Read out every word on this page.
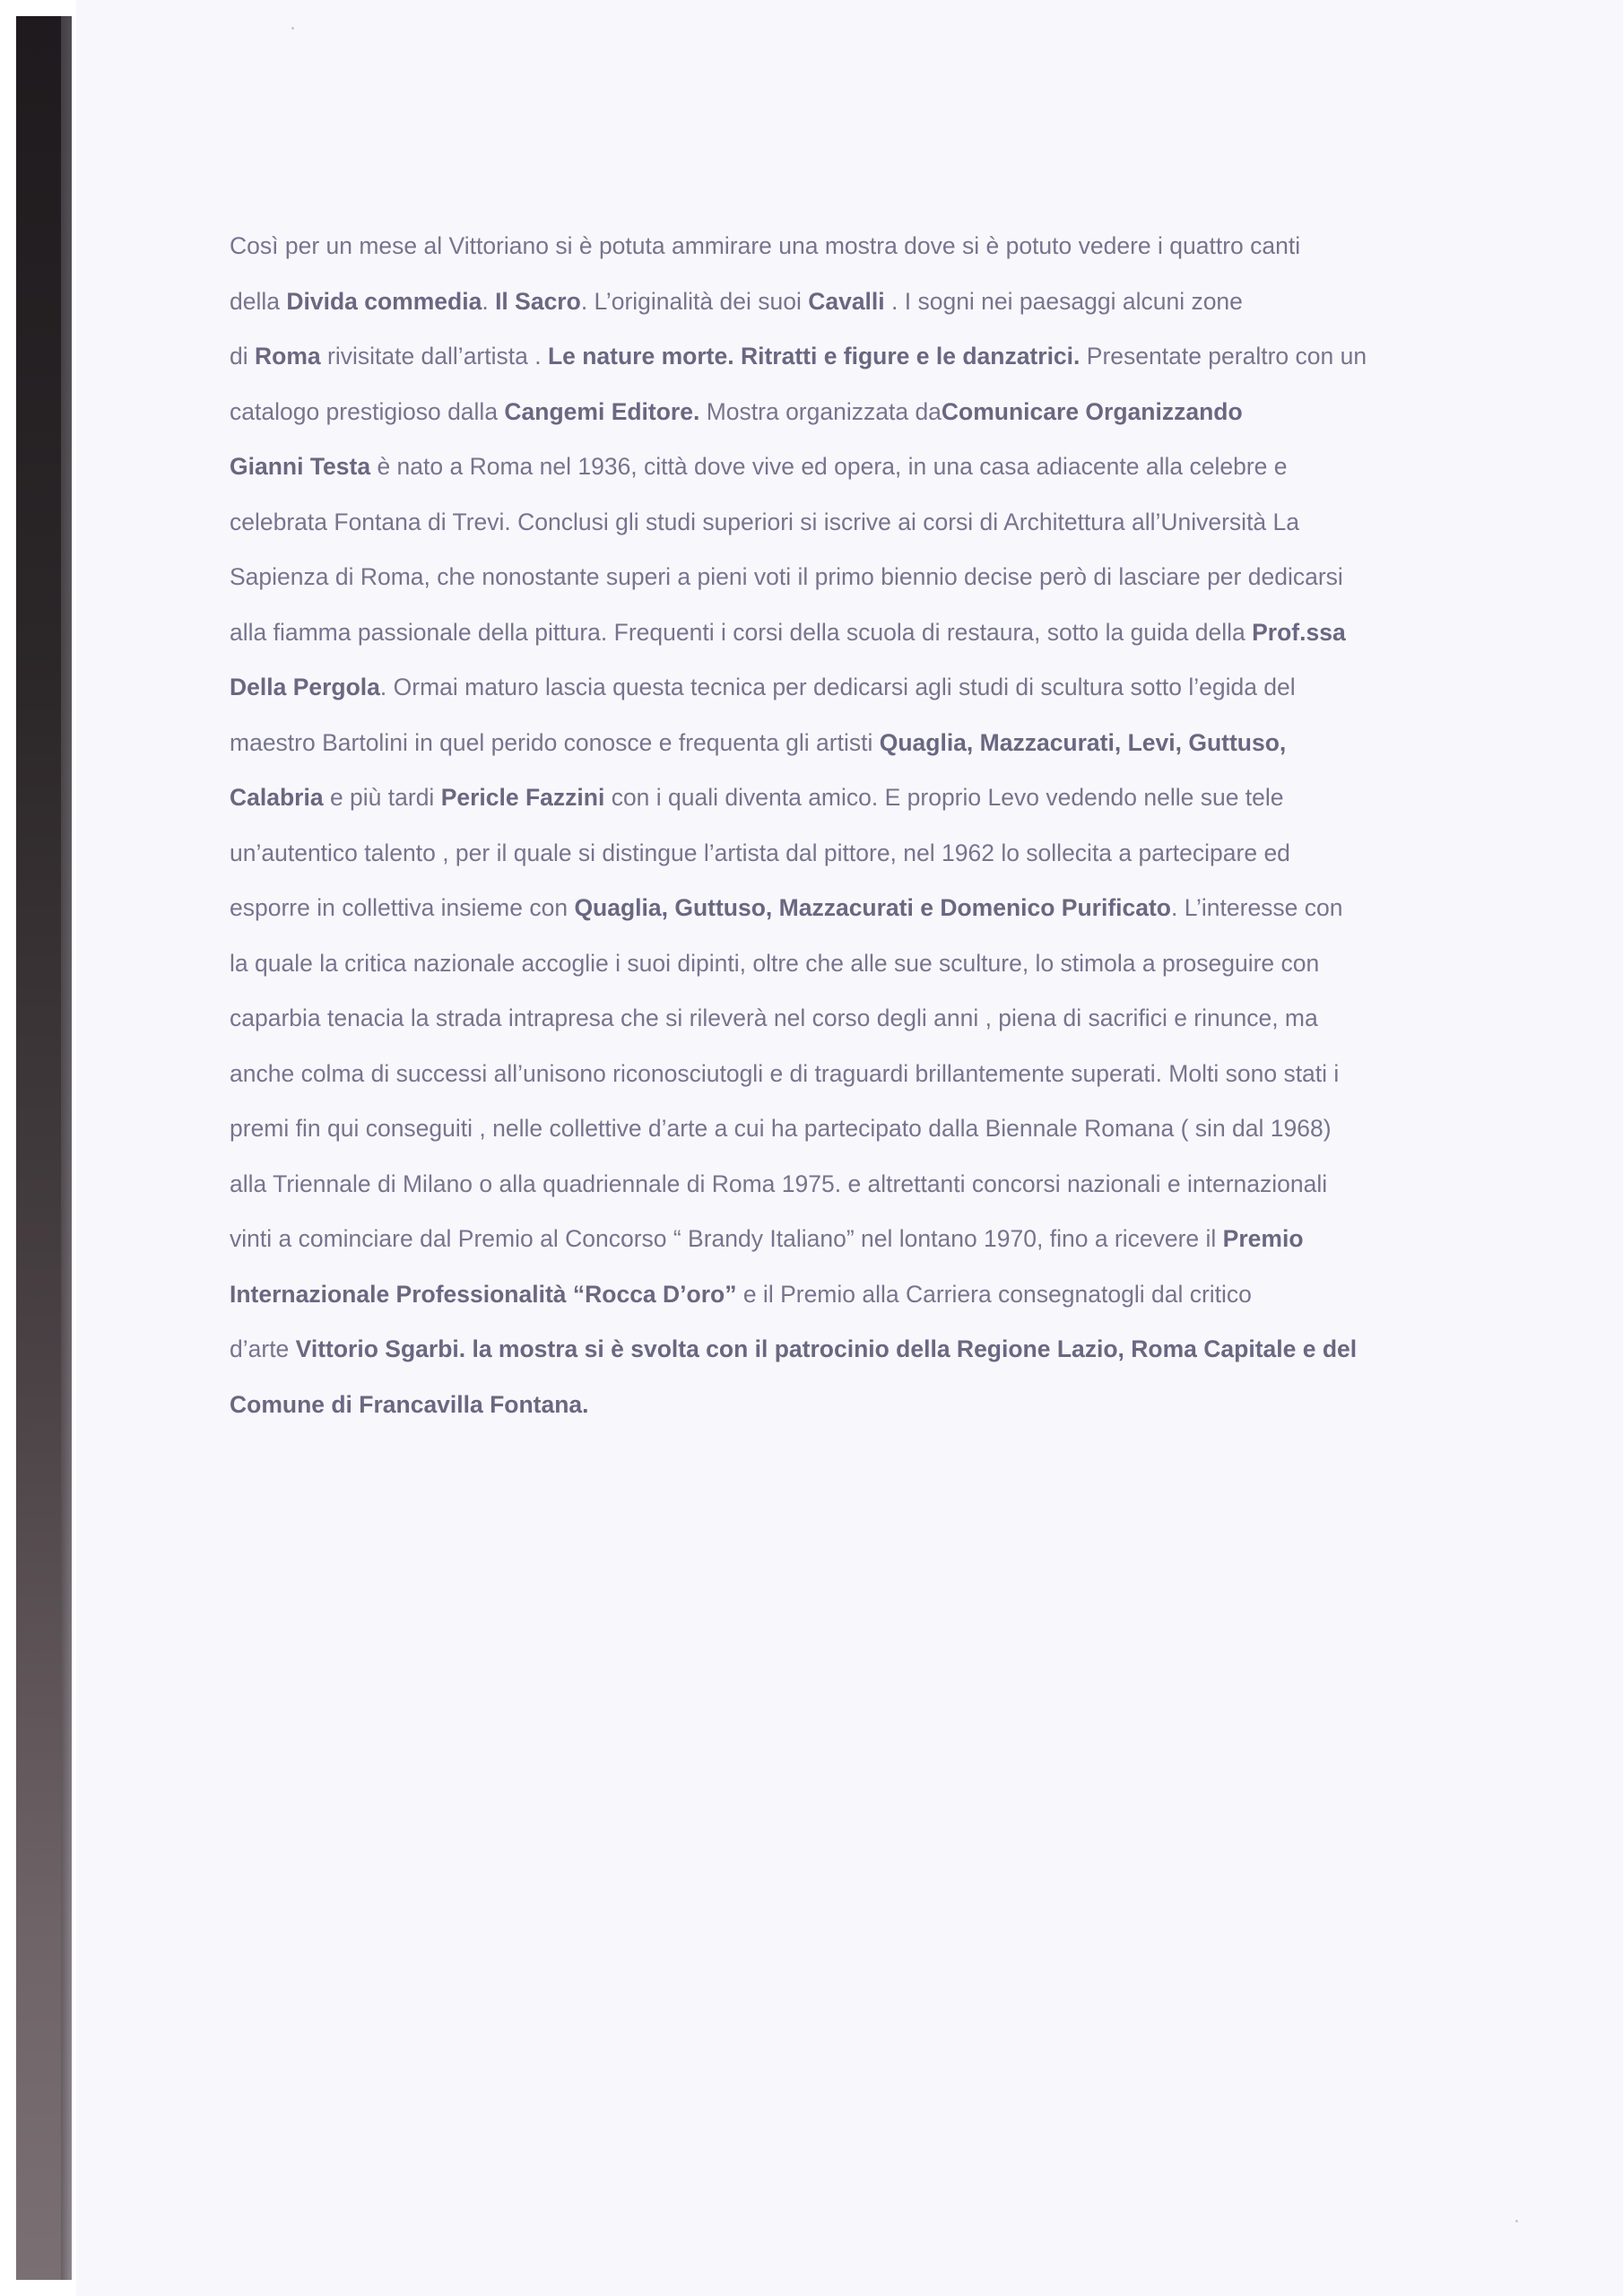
Così per un mese al Vittoriano si è potuta ammirare una mostra dove si è potuto vedere i quattro canti
della Divida commedia. Il Sacro. L’originalità dei suoi Cavalli . I sogni nei paesaggi alcuni zone
di Roma rivisitate dall’artista . Le nature morte. Ritratti e figure e le danzatrici. Presentate peraltro con un
catalogo prestigioso dalla Cangemi Editore. Mostra organizzata daComunicare Organizzando
Gianni Testa è nato a Roma nel 1936, città dove vive ed opera, in una casa adiacente alla celebre e
celebrata Fontana di Trevi. Conclusi gli studi superiori si iscrive ai corsi di Architettura all’Università La
Sapienza di Roma, che nonostante superi a pieni voti il primo biennio decise però di lasciare per dedicarsi
alla fiamma passionale della pittura. Frequenti i corsi della scuola di restaura, sotto la guida della Prof.ssa
Della Pergola. Ormai maturo lascia questa tecnica per dedicarsi agli studi di scultura sotto l’egida del
maestro Bartolini in quel perido conosce e frequenta gli artisti Quaglia, Mazzacurati, Levi, Guttuso,
Calabria e più tardi Pericle Fazzini con i quali diventa amico. E proprio Levo vedendo nelle sue tele
un’autentico talento , per il quale si distingue l’artista dal pittore, nel 1962 lo sollecita a partecipare ed
esporre in collettiva insieme con Quaglia, Guttuso, Mazzacurati e Domenico Purificato. L’interesse con
la quale la critica nazionale accoglie i suoi dipinti, oltre che alle sue sculture, lo stimola a proseguire con
caparbia tenacia la strada intrapresa che si rileverà nel corso degli anni , piena di sacrifici e rinunce, ma
anche colma di successi all’unisono riconosciutogli e di traguardi brillantemente superati. Molti sono stati i
premi fin qui conseguiti , nelle collettive d’arte a cui ha partecipato dalla Biennale Romana ( sin dal 1968)
alla Triennale di Milano o alla quadriennale di Roma 1975. e altrettanti concorsi nazionali e internazionali
vinti a cominciare dal Premio al Concorso “ Brandy Italiano” nel lontano 1970, fino a ricevere il Premio
Internazionale Professionalità “Rocca D’oro” e il Premio alla Carriera consegnatogli dal critico
d’arte Vittorio Sgarbi. la mostra si è svolta con il patrocinio della Regione Lazio, Roma Capitale e del
Comune di Francavilla Fontana.
